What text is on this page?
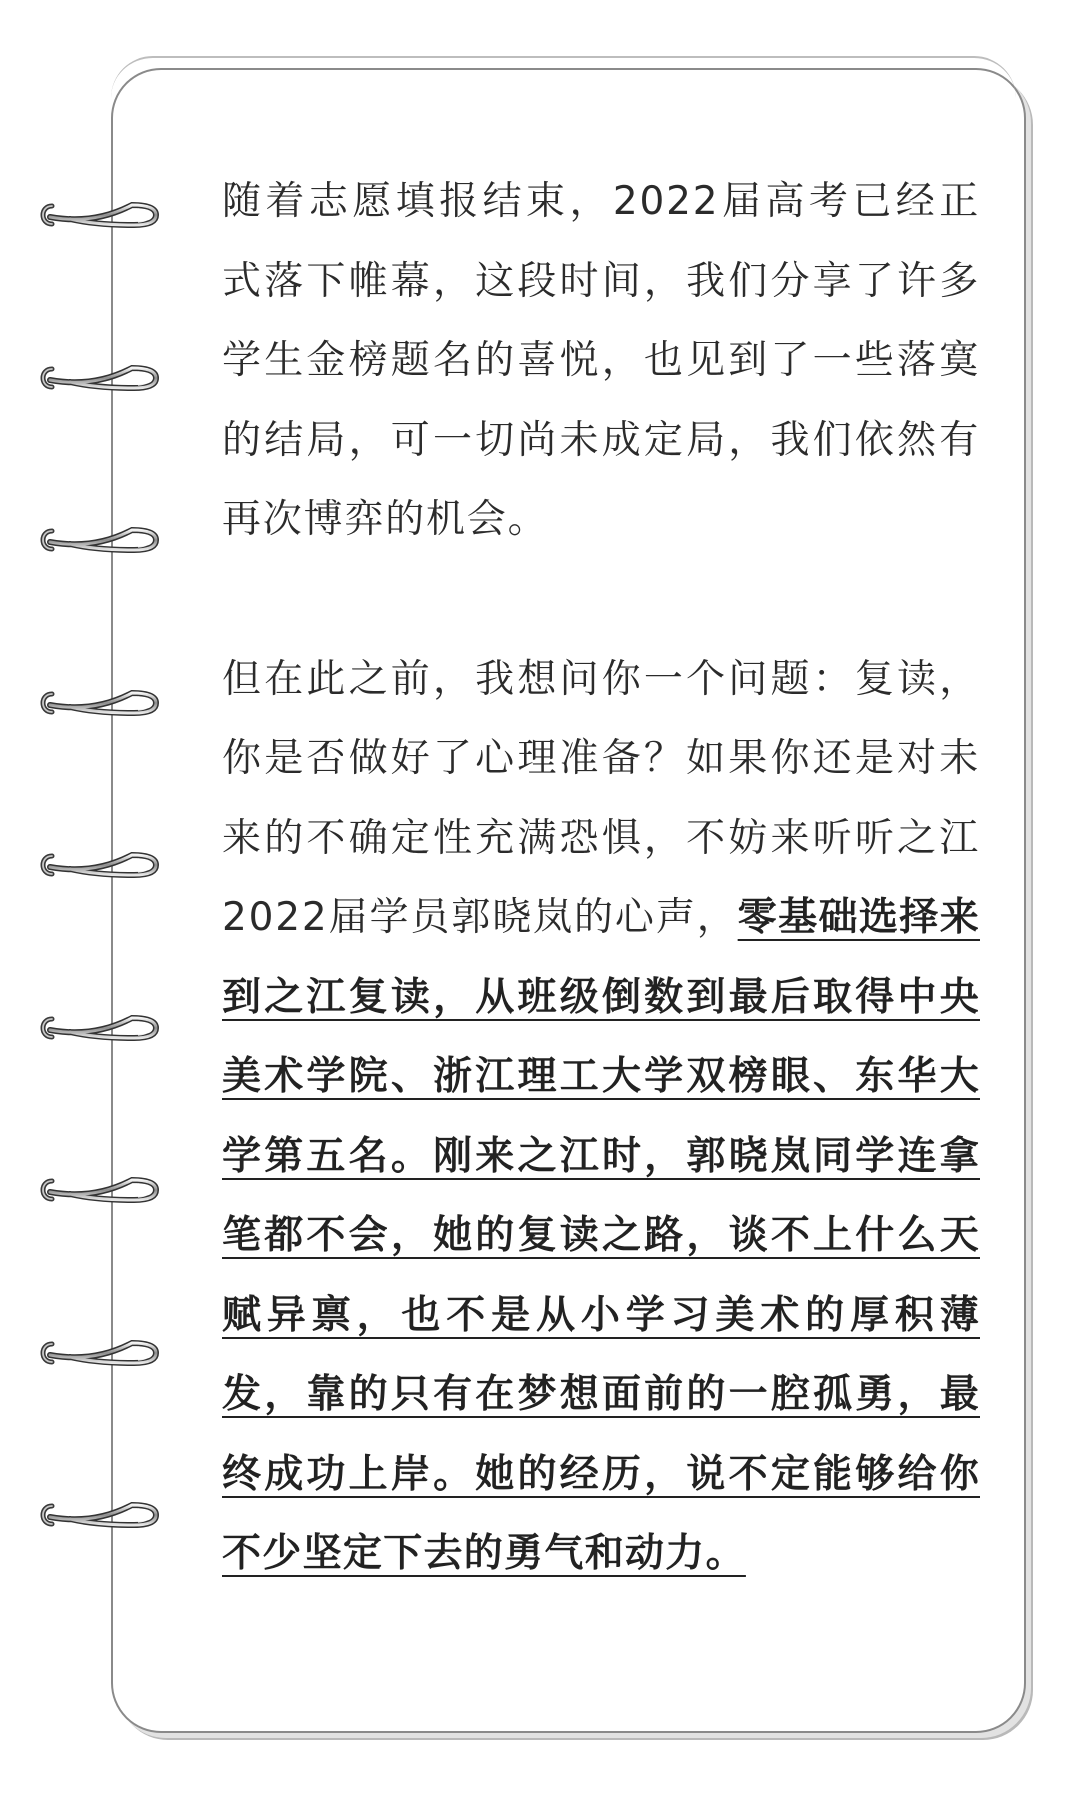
随着志愿填报结束，2022届高考已经正式落下帷幕，这段时间，我们分享了许多学生金榜题名的喜悦，也见到了一些落寞的结局，可一切尚未成定局，我们依然有再次博弈的机会。

但在此之前，我想问你一个问题：复读，你是否做好了心理准备？如果你还是对未来的不确定性充满恐惧，不妨来听听之江2022届学员郭晓岚的心声，零基础选择来到之江复读，从班级倒数到最后取得中央美术学院、浙江理工大学双榜眼、东华大学第五名。刚来之江时，郭晓岚同学连拿笔都不会，她的复读之路，谈不上什么天赋异禀，也不是从小学习美术的厚积薄发，靠的只有在梦想面前的一腔孤勇，最终成功上岸。她的经历，说不定能够给你不少坚定下去的勇气和动力。
